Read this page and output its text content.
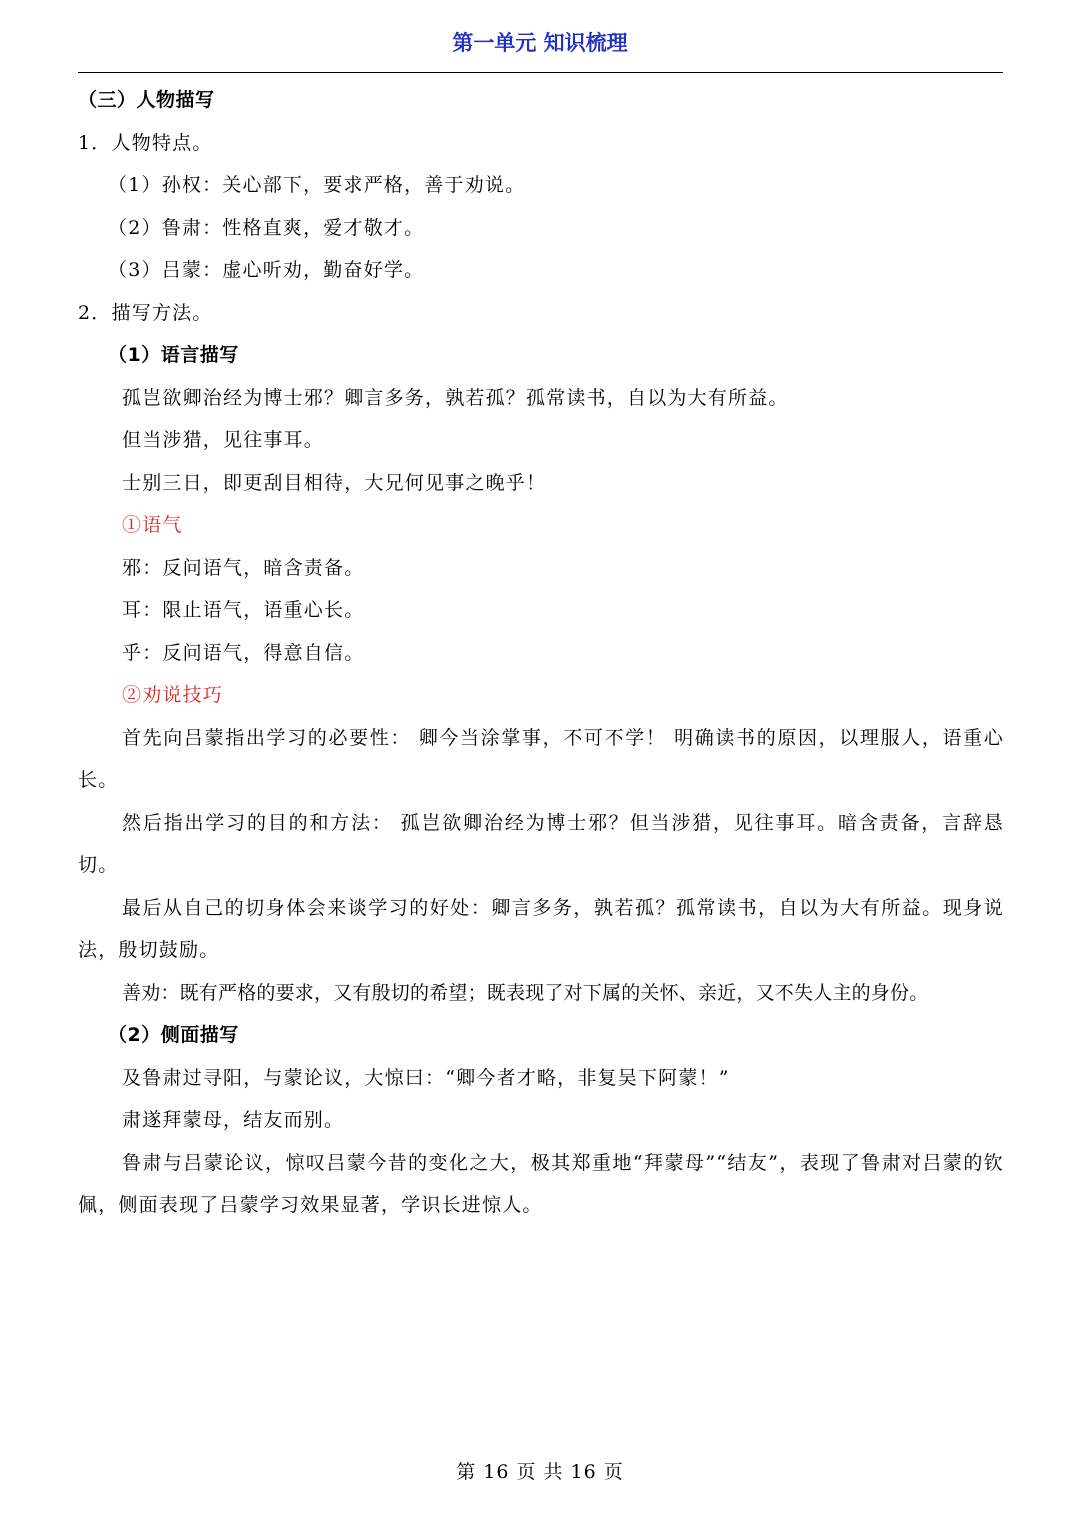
第一单元 知识梳理
（三）人物描写
1．人物特点。
（1）孙权：关心部下，要求严格，善于劝说。
（2）鲁肃：性格直爽，爱才敬才。
（3）吕蒙：虚心听劝，勤奋好学。
2．描写方法。
（1）语言描写
孤岂欲卿治经为博士邪？卿言多务，孰若孤？孤常读书，自以为大有所益。
但当涉猎，见往事耳。
士别三日，即更刮目相待，大兄何见事之晚乎！
①语气
邪：反问语气，暗含责备。
耳：限止语气，语重心长。
乎：反问语气，得意自信。
②劝说技巧
首先向吕蒙指出学习的必要性： 卿今当涂掌事，不可不学！ 明确读书的原因，以理服人，语重心长。
然后指出学习的目的和方法： 孤岂欲卿治经为博士邪？但当涉猎，见往事耳。暗含责备，言辞恳切。
最后从自己的切身体会来谈学习的好处：卿言多务，孰若孤？孤常读书，自以为大有所益。现身说法，殷切鼓励。
善劝：既有严格的要求，又有殷切的希望；既表现了对下属的关怀、亲近，又不失人主的身份。
（2）侧面描写
及鲁肃过寻阳，与蒙论议，大惊曰：“卿今者才略，非复吴下阿蒙！”
肃遂拜蒙母，结友而别。
鲁肃与吕蒙论议，惊叹吕蒙今昔的变化之大，极其郑重地“拜蒙母”“结友”，表现了鲁肃对吕蒙的钦佩，侧面表现了吕蒙学习效果显著，学识长进惊人。
第 16 页 共 16 页
